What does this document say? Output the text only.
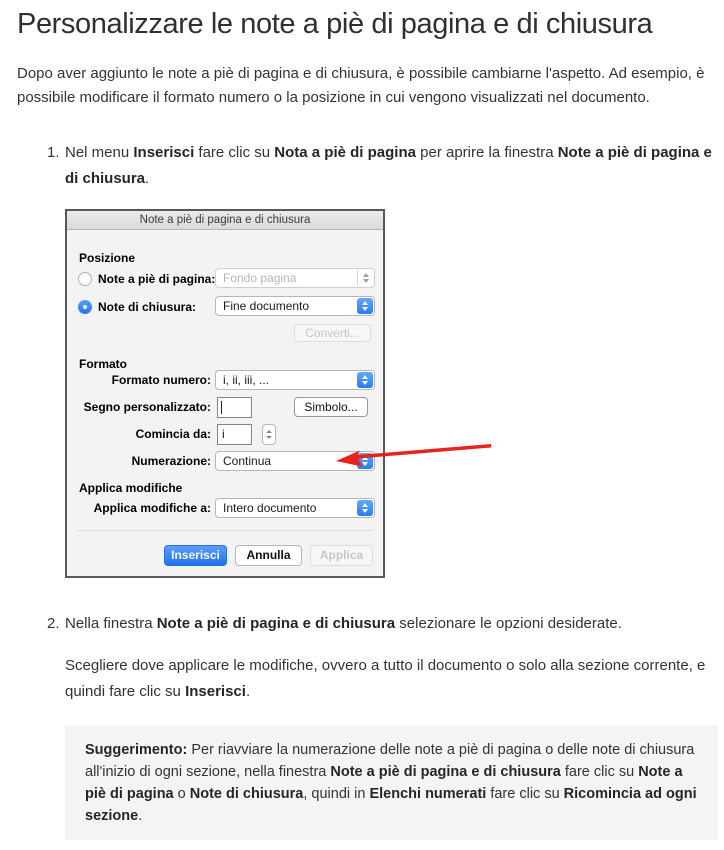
Personalizzare le note a piè di pagina e di chiusura

Dopo aver aggiunto le note a piè di pagina e di chiusura, è possibile cambiarne l'aspetto. Ad esempio, è possibile modificare il formato numero o la posizione in cui vengono visualizzati nel documento.

1. Nel menu Inserisci fare clic su Nota a piè di pagina per aprire la finestra Note a piè di pagina e di chiusura.

Note a piè di pagina e di chiusura
Posizione
Note a piè di pagina: Fondo pagina
Note di chiusura: Fine documento
Converti...
Formato
Formato numero: i, ii, iii, ...
Segno personalizzato:	Simbolo...
Comincia da: i
Numerazione: Continua
Applica modifiche
Applica modifiche a: Intero documento
Inserisci	Annulla	Applica
2. Nella finestra Note a piè di pagina e di chiusura selezionare le opzioni desiderate.

Scegliere dove applicare le modifiche, ovvero a tutto il documento o solo alla sezione corrente, e quindi fare clic su Inserisci.

Suggerimento: Per riavviare la numerazione delle note a piè di pagina o delle note di chiusura all'inizio di ogni sezione, nella finestra Note a piè di pagina e di chiusura fare clic su Note a piè di pagina o Note di chiusura, quindi in Elenchi numerati fare clic su Ricomincia ad ogni sezione.
